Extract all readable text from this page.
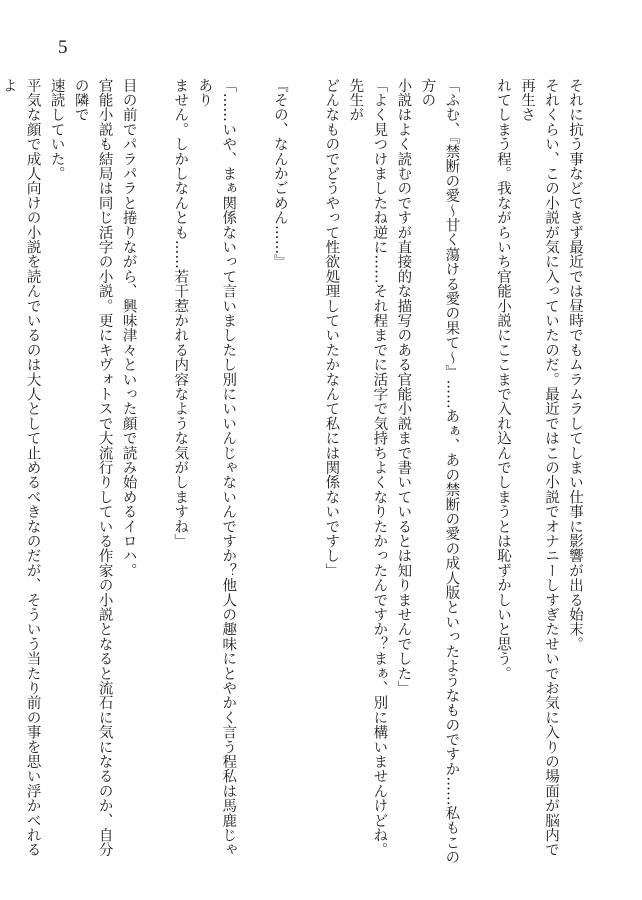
5
それに抗う事などできず最近では昼時でもムラムラしてしまい仕事に影響が出る始末。
それくらい、この小説が気に入っていたのだ。最近ではこの小説でオナニーしすぎたせいでお気に入りの場面が脳内で再生さ
れてしまう程。我ながらいち官能小説にここまで入れ込んでしまうとは恥ずかしいと思う。
「ふむ、『禁断の愛〜甘く蕩ける愛の果て〜』……あぁ、あの禁断の愛の成人版といったようなものですか……私もこの方の
小説はよく読むのですが直接的な描写のある官能小説まで書いているとは知りませんでした」
「よく見つけましたね逆に……それ程までに活字で気持ちよくなりたかったんですか？まぁ、別に構いませんけどね。先生が
どんなものでどうやって性欲処理していたかなんて私には関係ないですし」
『その、なんかごめん……』
「……いや、まぁ関係ないって言いましたし別にいいんじゃないんですか？他人の趣味にとやかく言う程私は馬鹿じゃあり
ません。しかしなんとも……若干惹かれる内容なような気がしますね」
目の前でパラパラと捲りながら、興味津々といった顔で読み始めるイロハ。
官能小説も結局は同じ活字の小説。更にキヴォトスで大流行りしている作家の小説となると流石に気になるのか、自分の隣で
速読していた。
平気な顔で成人向けの小説を読んでいるのは大人として止めるべきなのだが、そういう当たり前の事を思い浮かべれるよ
